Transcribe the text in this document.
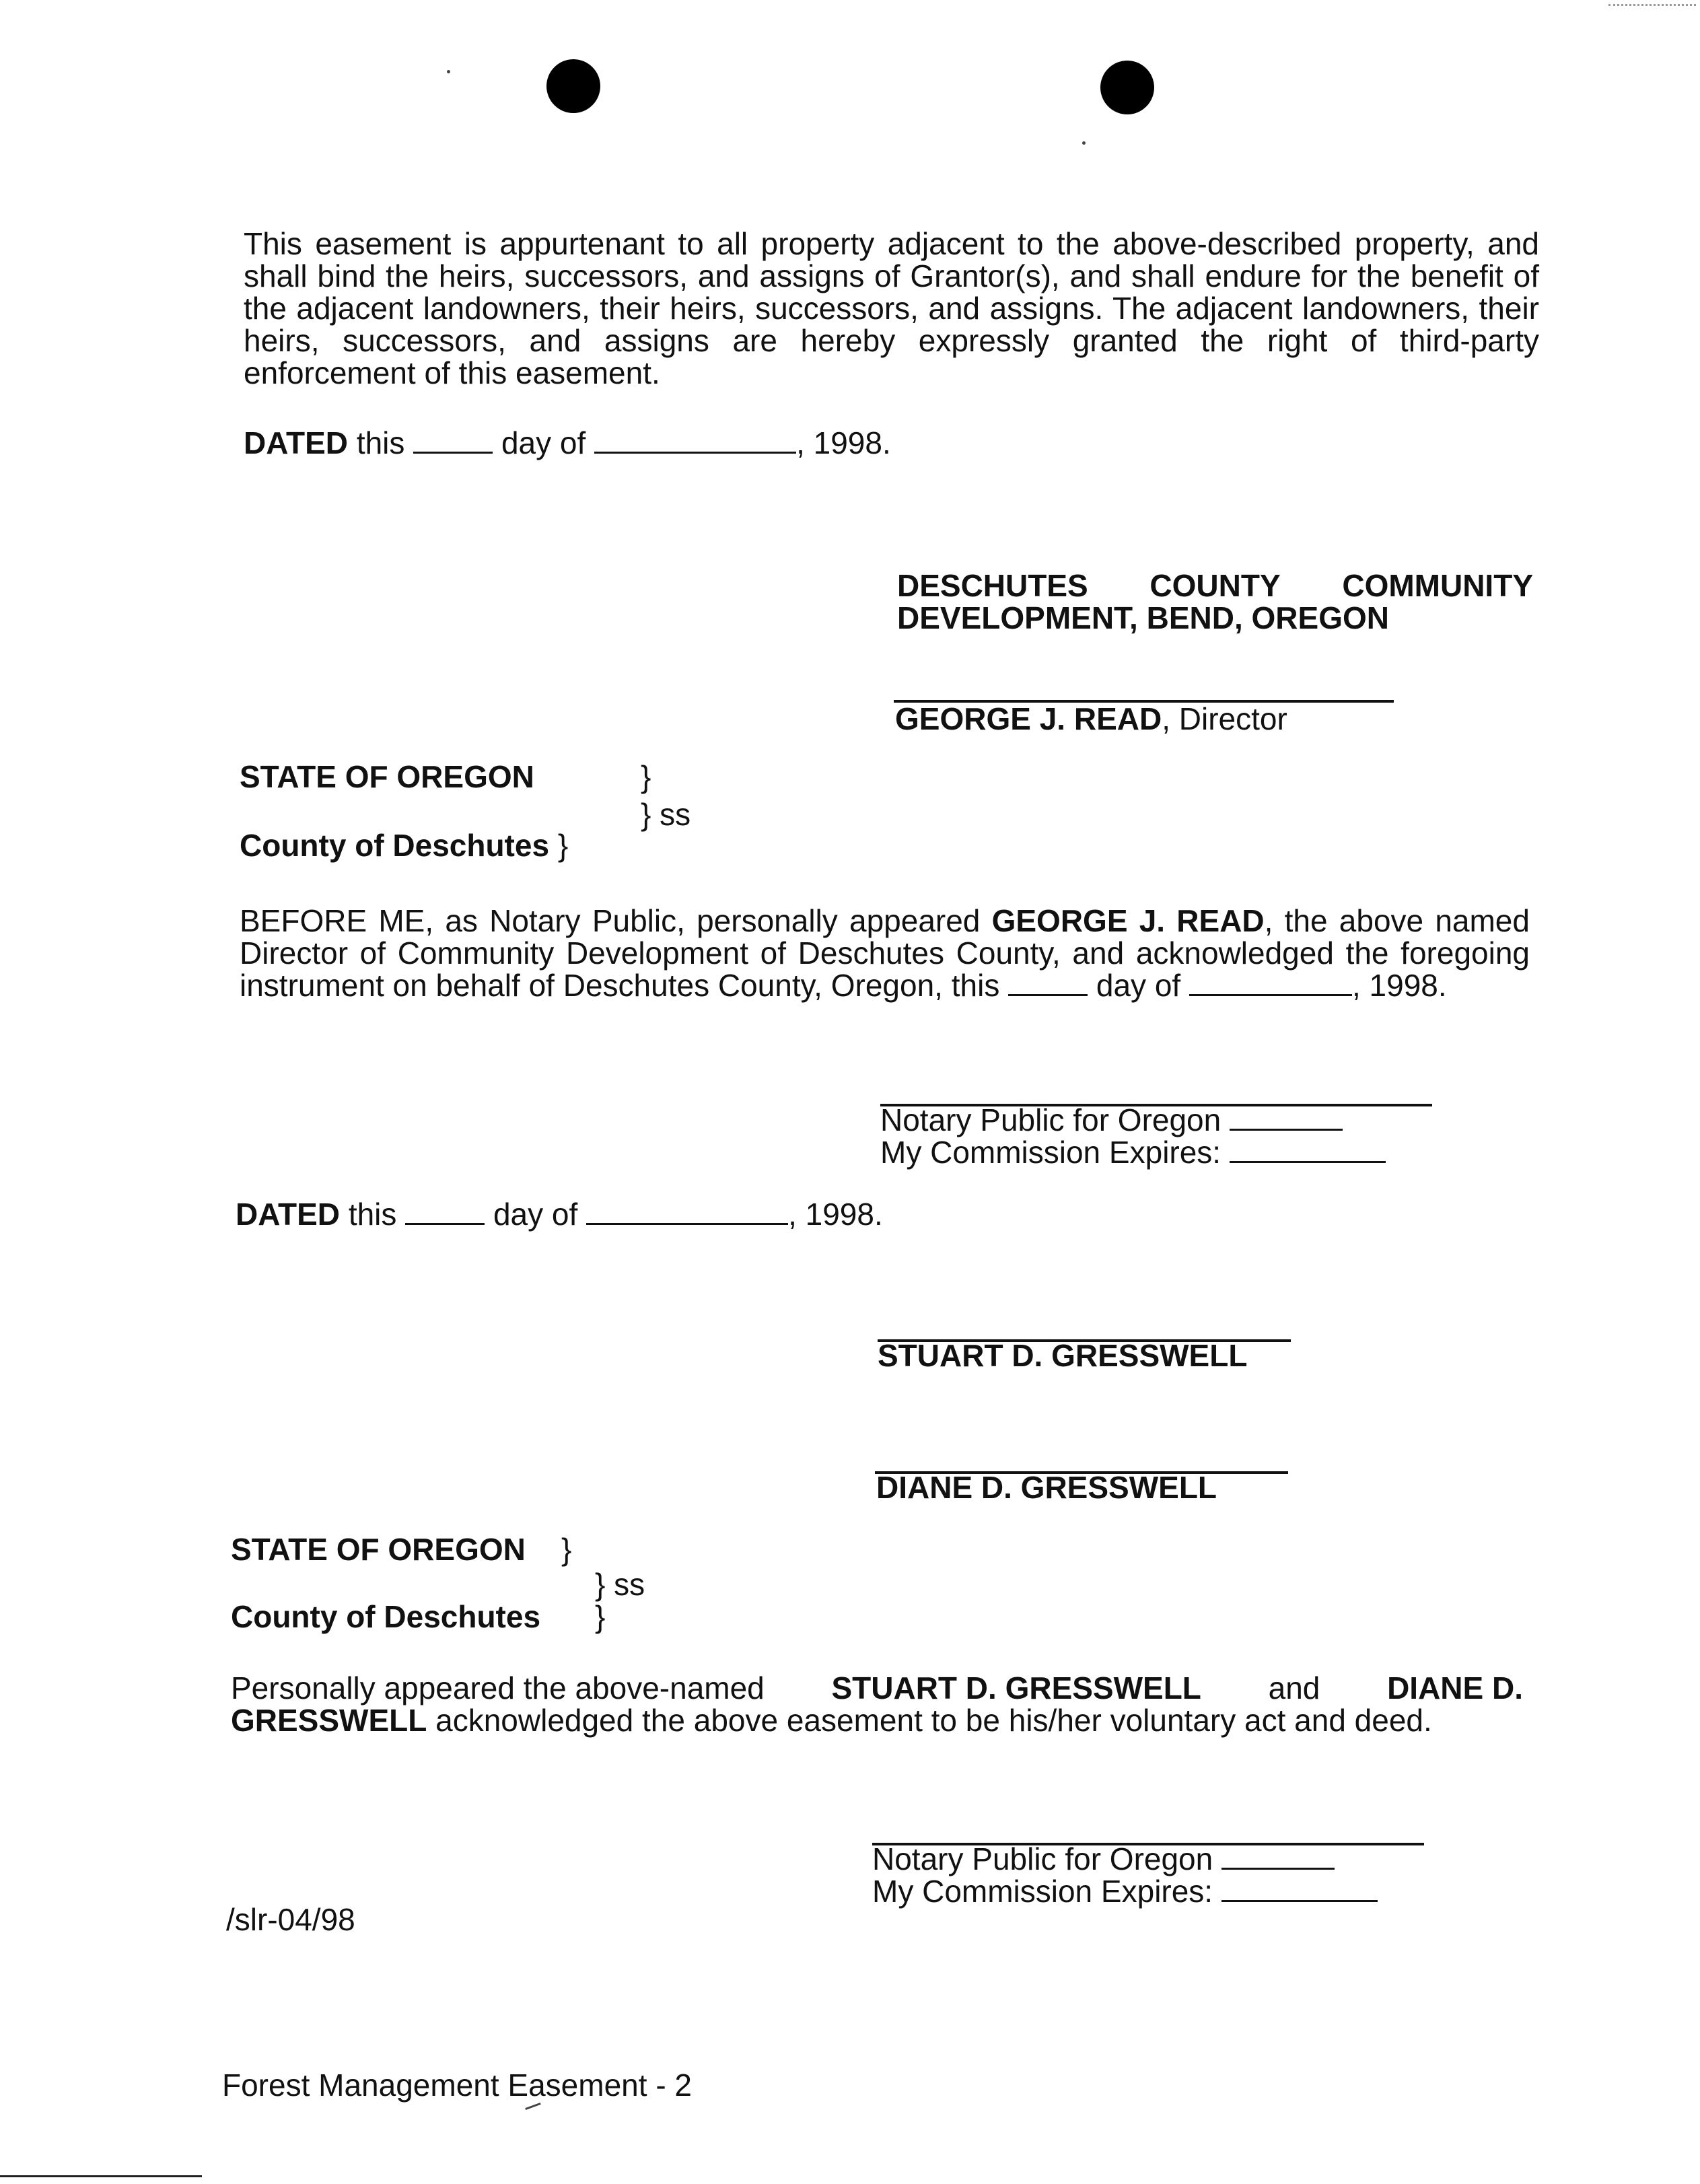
This easement is appurtenant to all property adjacent to the above-described property, and
shall bind the heirs, successors, and assigns of Grantor(s), and shall endure for the benefit of
the adjacent landowners, their heirs, successors, and assigns. The adjacent landowners, their
heirs, successors, and assigns are hereby expressly granted the right of third-party
enforcement of this easement.
DATED this	day of	, 1998.
DESCHUTES COUNTY COMMUNITY
DEVELOPMENT, BEND, OREGON
GEORGE J. READ, Director
STATE OF OREGON	}
} ss
County of Deschutes }
BEFORE ME, as Notary Public, personally appeared GEORGE J. READ, the above named
Director of Community Development of Deschutes County, and acknowledged the foregoing
instrument on behalf of Deschutes County, Oregon, this	day of	, 1998.
Notary Public for Oregon
My Commission Expires:
DATED this	day of	, 1998.
STUART D. GRESSWELL
DIANE D. GRESSWELL
STATE OF OREGON }
} ss
County of Deschutes }
Personally appeared the above-named STUART D. GRESSWELL and DIANE D.
GRESSWELL acknowledged the above easement to be his/her voluntary act and deed.
Notary Public for Oregon
My Commission Expires:
/slr-04/98
Forest Management Easement - 2
